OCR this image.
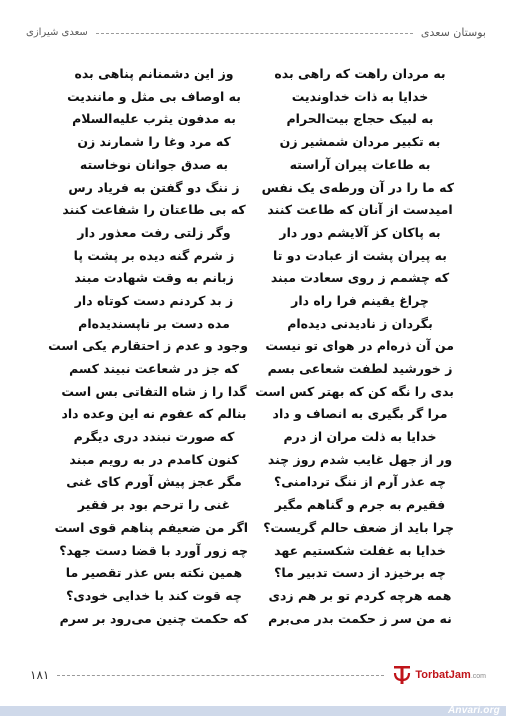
بوستان سعدی
سعدی شیرازی
به مردان راهت که راهی بده
وز این دشمنانم پناهی بده
خدایا به ذات خداوندیت
به اوصاف بی مثل و مانندیت
به لبیک حجاج بیت‌الحرام
به مدفون یثرب علیه‌السلام
به تکبیر مردان شمشیر زن
که مرد وغا را شمارند زن
به طاعات پیران آراسته
به صدق جوانان نوخاسته
که ما را در آن ورطه‌ی یک نفس
ز ننگ دو گفتن به فریاد رس
امیدست از آنان که طاعت کنند
که بی طاعتان را شفاعت کنند
به پاکان کز آلایشم دور دار
وگر زلتی رفت معذور دار
به پیران پشت از عبادت دو تا
ز شرم گنه دیده بر پشت پا
که چشمم ز روی سعادت مبند
زبانم به وقت شهادت مبند
چراغ یقینم فرا راه دار
ز بد کردنم دست کوتاه دار
بگردان ز نادیدنی دیده‌ام
مده دست بر ناپسندیده‌ام
من آن ذره‌ام در هوای تو نیست
وجود و عدم ز احتقارم یکی است
ز خورشید لطفت شعاعی بسم
که جز در شعاعت نبیند کسم
بدی را نگه کن که بهتر کس است
گدا را ز شاه التفاتی بس است
مرا گر بگیری به انصاف و داد
بنالم که عفوم نه این وعده داد
خدایا به ذلت مران از درم
که صورت نبندد دری دیگرم
ور از جهل غایب شدم روز چند
کنون کامدم در به رویم مبند
چه عذر آرم از ننگ تردامنی؟
مگر عجز پیش آورم کای غنی
فقیرم به جرم و گناهم مگیر
غنی را ترحم بود بر فقیر
چرا باید از ضعف حالم گریست؟
اگر من ضعیفم پناهم قوی است
خدایا به غفلت شکستیم عهد
چه زور آورد با قضا دست جهد؟
چه برخیزد از دست تدبیر ما؟
همین نکته بس عذر تقصیر ما
همه هرچه کردم تو بر هم زدی
چه قوت کند با خدایی خودی؟
نه من سر ز حکمت بدر می‌برم
که حکمت چنین می‌رود بر سرم
۱۸۱	TorbatJam.com
Anvari.org
